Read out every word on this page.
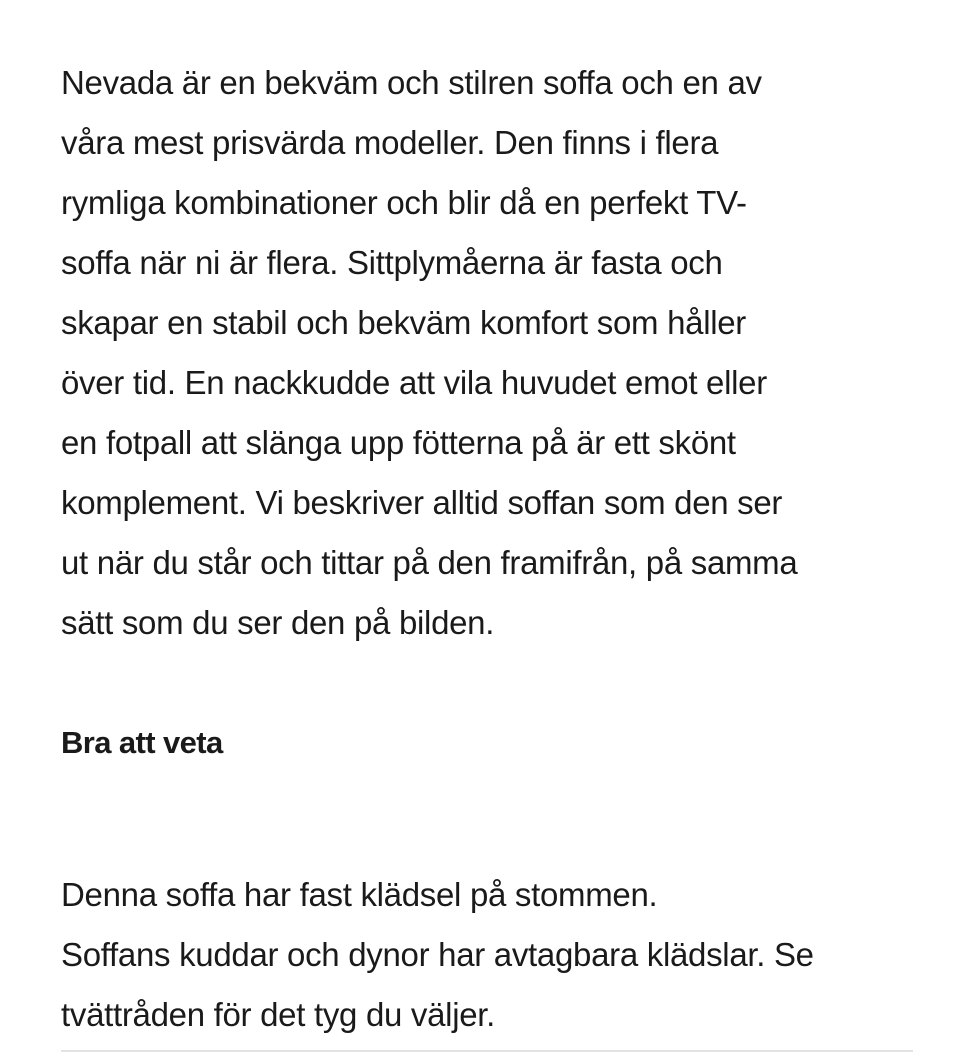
Nevada är en bekväm och stilren soffa och en av
våra mest prisvärda modeller. Den finns i flera
rymliga kombinationer och blir då en perfekt TV-
soffa när ni är flera. Sittplymåerna är fasta och
skapar en stabil och bekväm komfort som håller
över tid. En nackkudde att vila huvudet emot eller
en fotpall att slänga upp fötterna på är ett skönt
komplement. Vi beskriver alltid soffan som den ser
ut när du står och tittar på den framifrån, på samma
sätt som du ser den på bilden.

Bra att veta

Denna soffa har fast klädsel på stommen.
Soffans kuddar och dynor har avtagbara klädslar. Se
tvättråden för det tyg du väljer.
